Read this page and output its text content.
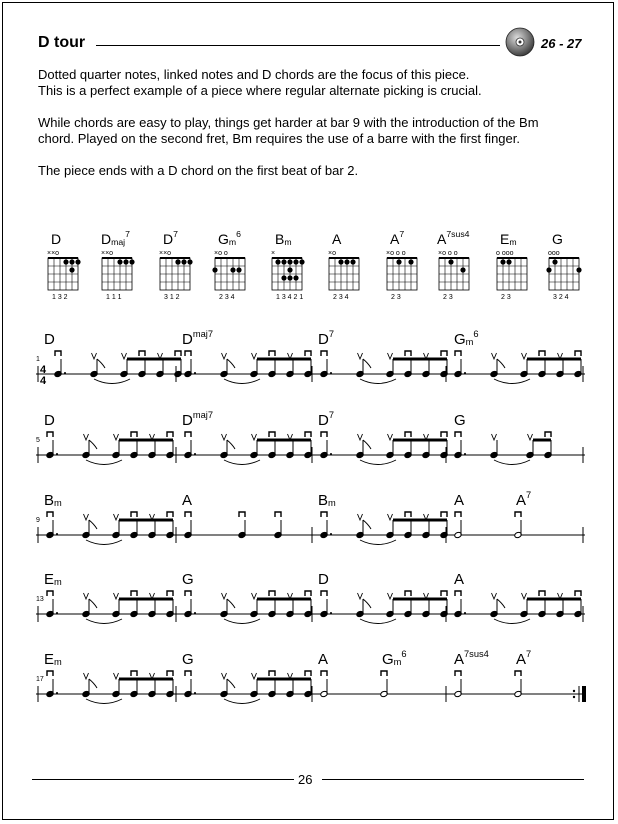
D tour	26 - 27
Dotted quarter notes, linked notes and D chords are the focus of this piece.
This is a perfect example of a piece where regular alternate picking is crucial.
While chords are easy to play, things get harder at bar 9 with the introduction of the Bm
chord. Played on the second fret, Bm requires the use of a barre with the first finger.
The piece ends with a D chord on the first beat of bar 2.
D
××o
1 3 2
Dmaj$^7$
××o
1 1 1
$D^7$
××o
3 1 2
$Gm^6$
×o o
2 3 4
Bm
×
1 3 4 2 1
A
×o
2 3 4
$A^7$
×o o o
2 3
$A^{7sus4}$
×o o o
2 3
Em
o ooo
2 3
G
ooo
3 2 4
1
4
4
D	$D^{maj7}$	$D^7$	Gm$^6$
5
D	$D^{maj7}$	$D^7$	G
9
Bm	A	Bm	A	$A^7$
13
Em	G	D	A
17
Em	G	A	Gm$^6$	$A^{7sus4}$ $A^7$
26
